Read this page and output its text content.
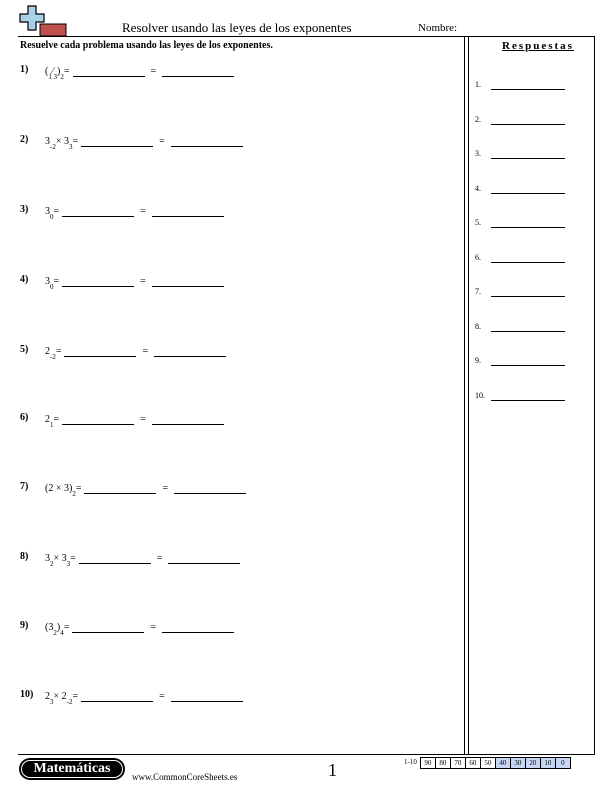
Resolver usando las leyes de los exponentes	Nombre:
Resuelve cada problema usando las leyes de los exponentes.
1) ( 1 ⁄ 3 ) 2 =	=
2) 3 -2 × 3 3 =	=
3) 3 0 =	=
4) 3 0 =	=
5) 2 -2 =	=
6) 2 1 =	=
7) (2 × 3) 2 =	=
8) 3 2 × 3 3 =	=
9) (3 2 ) 4 =	=
10) 2 3 × 2 -2 =	=
Respuestas
1.
2.
3.
4.
5.
6.
7.
8.
9.
10.
Matemáticas
www.CommonCoreSheets.es	1	1-10	90	80	70	60	50	40	30	20	10	0
